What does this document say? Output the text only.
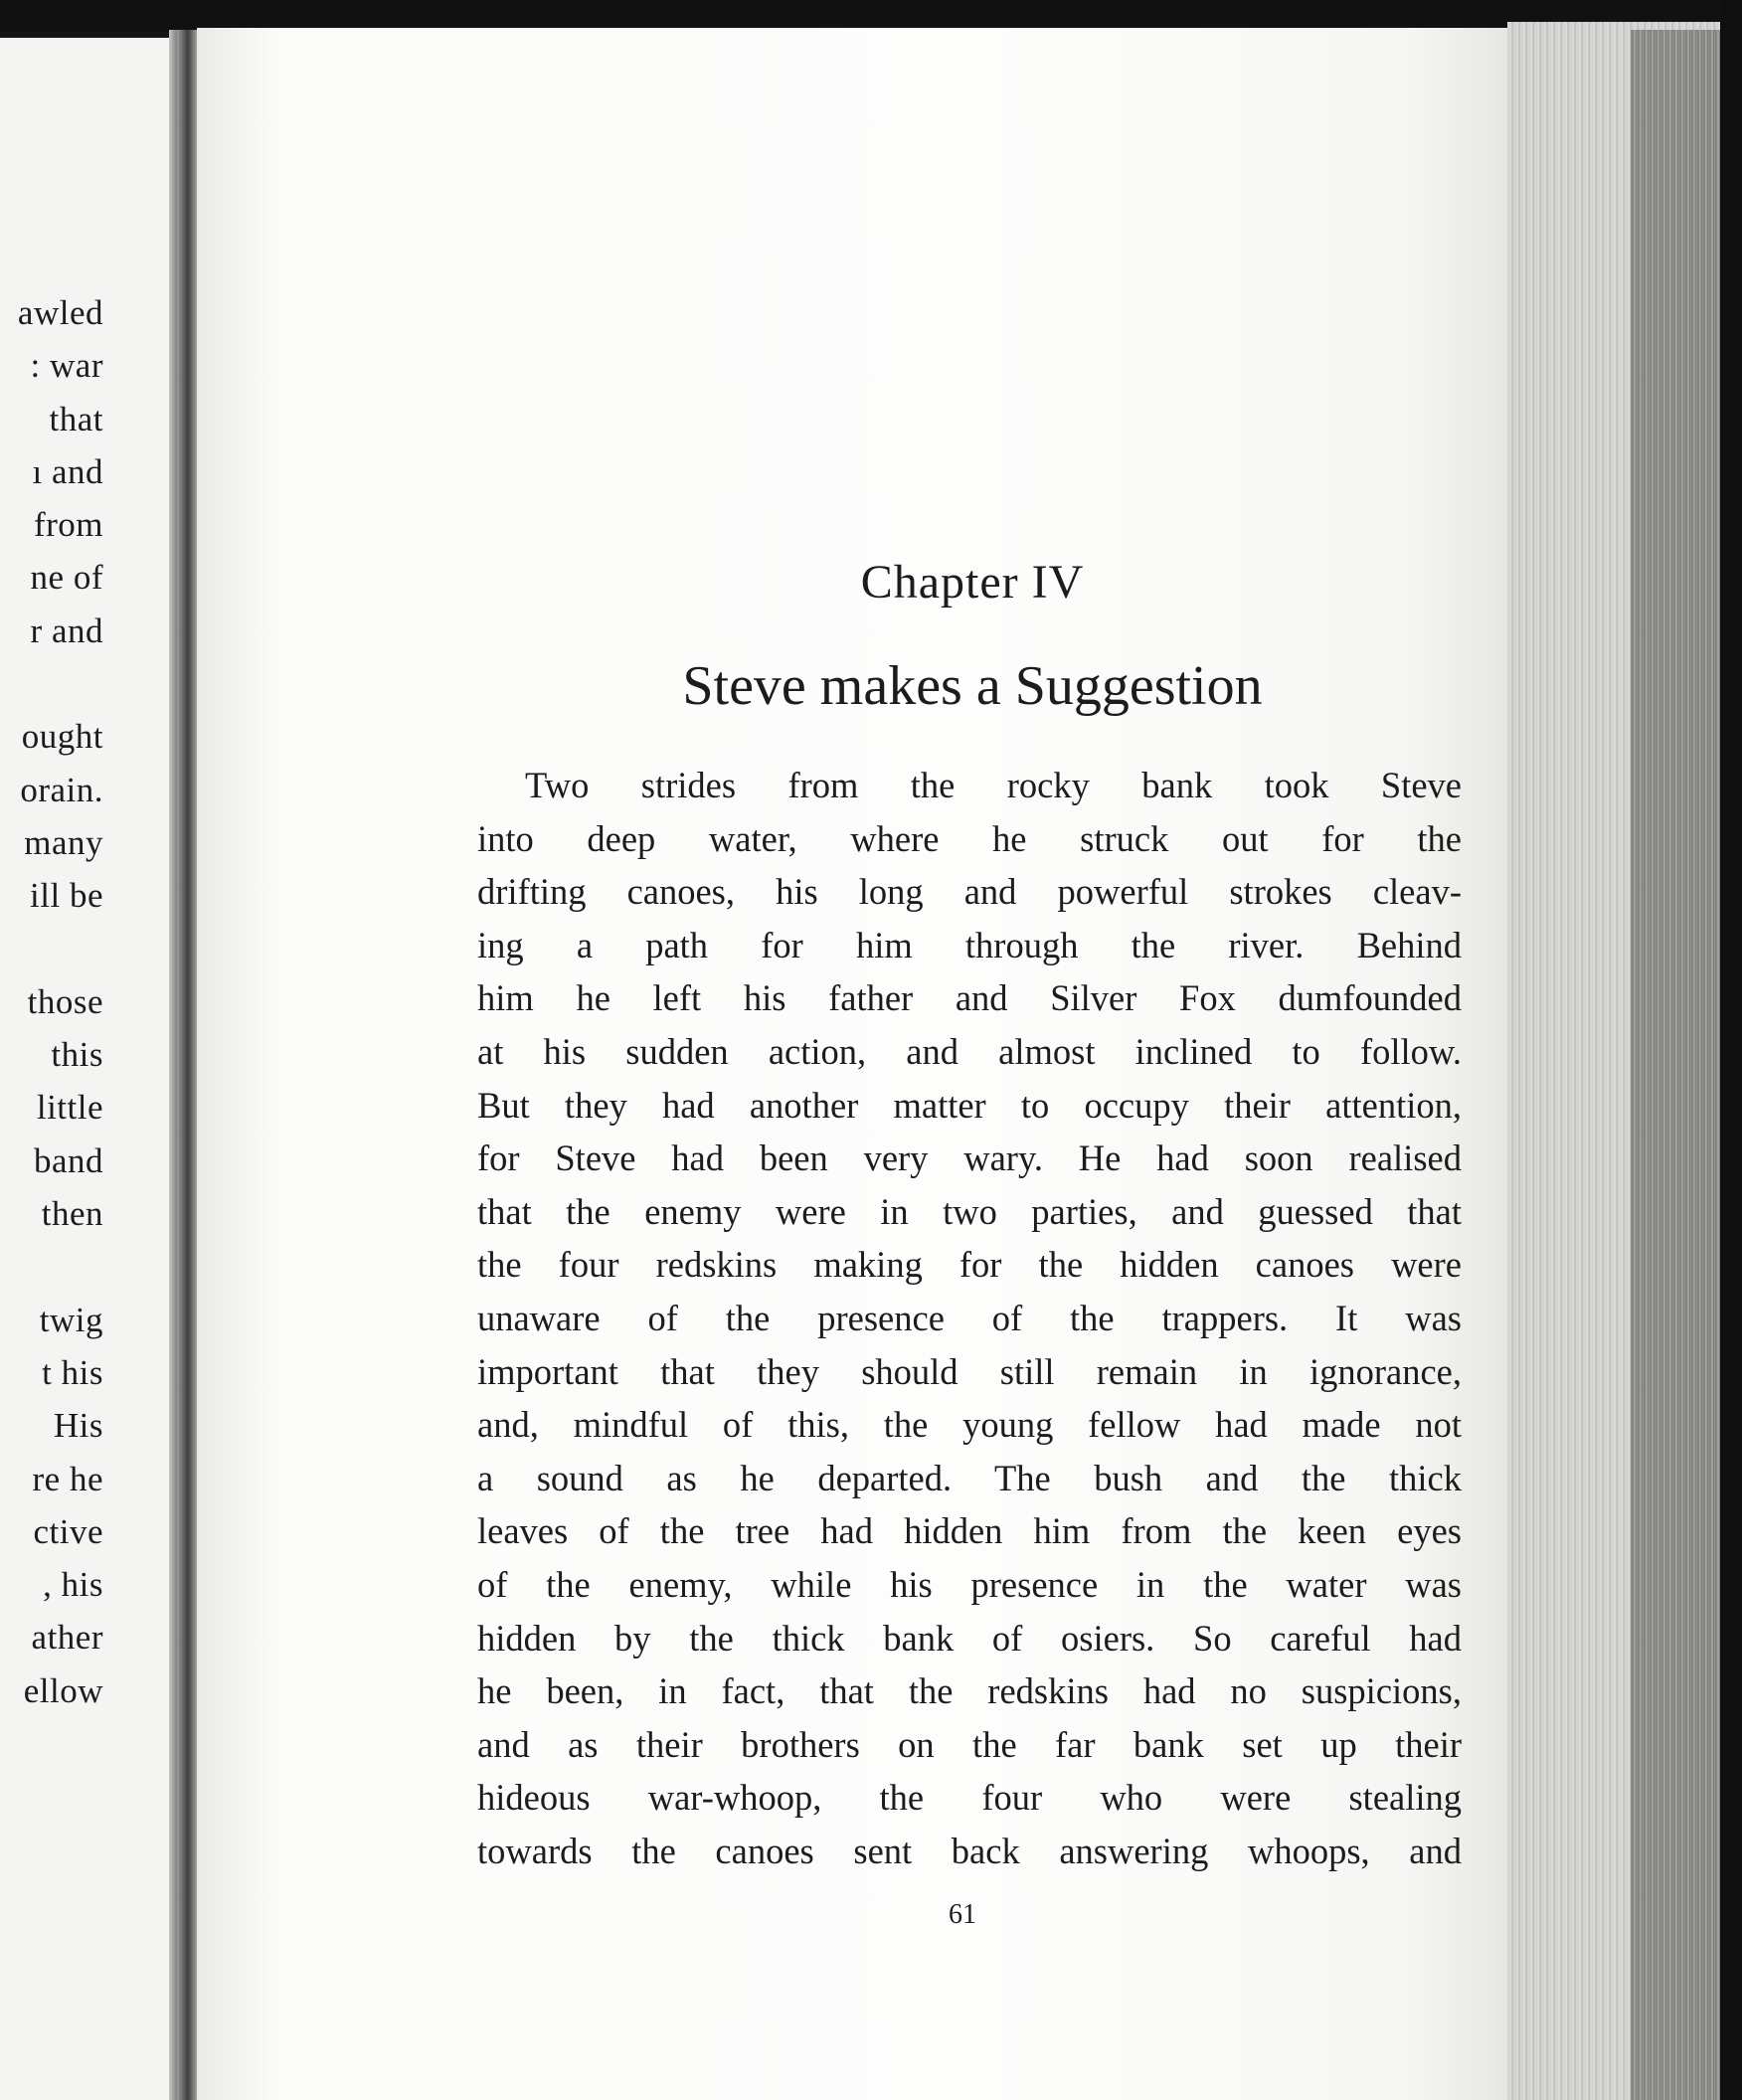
awled
: war
that
ı and
from
ne of
r and
ought
orain.
many
ill be
those
this
little
band
then
twig
t his
His
re he
ctive
, his
ather
ellow
Chapter IV
Steve makes a Suggestion
Two strides from the rocky bank took Steve
into deep water, where he struck out for the
drifting canoes, his long and powerful strokes cleav-
ing a path for him through the river. Behind
him he left his father and Silver Fox dumfounded
at his sudden action, and almost inclined to follow.
But they had another matter to occupy their attention,
for Steve had been very wary. He had soon realised
that the enemy were in two parties, and guessed that
the four redskins making for the hidden canoes were
unaware of the presence of the trappers. It was
important that they should still remain in ignorance,
and, mindful of this, the young fellow had made not
a sound as he departed. The bush and the thick
leaves of the tree had hidden him from the keen eyes
of the enemy, while his presence in the water was
hidden by the thick bank of osiers. So careful had
he been, in fact, that the redskins had no suspicions,
and as their brothers on the far bank set up their
hideous war-whoop, the four who were stealing
towards the canoes sent back answering whoops, and
61
